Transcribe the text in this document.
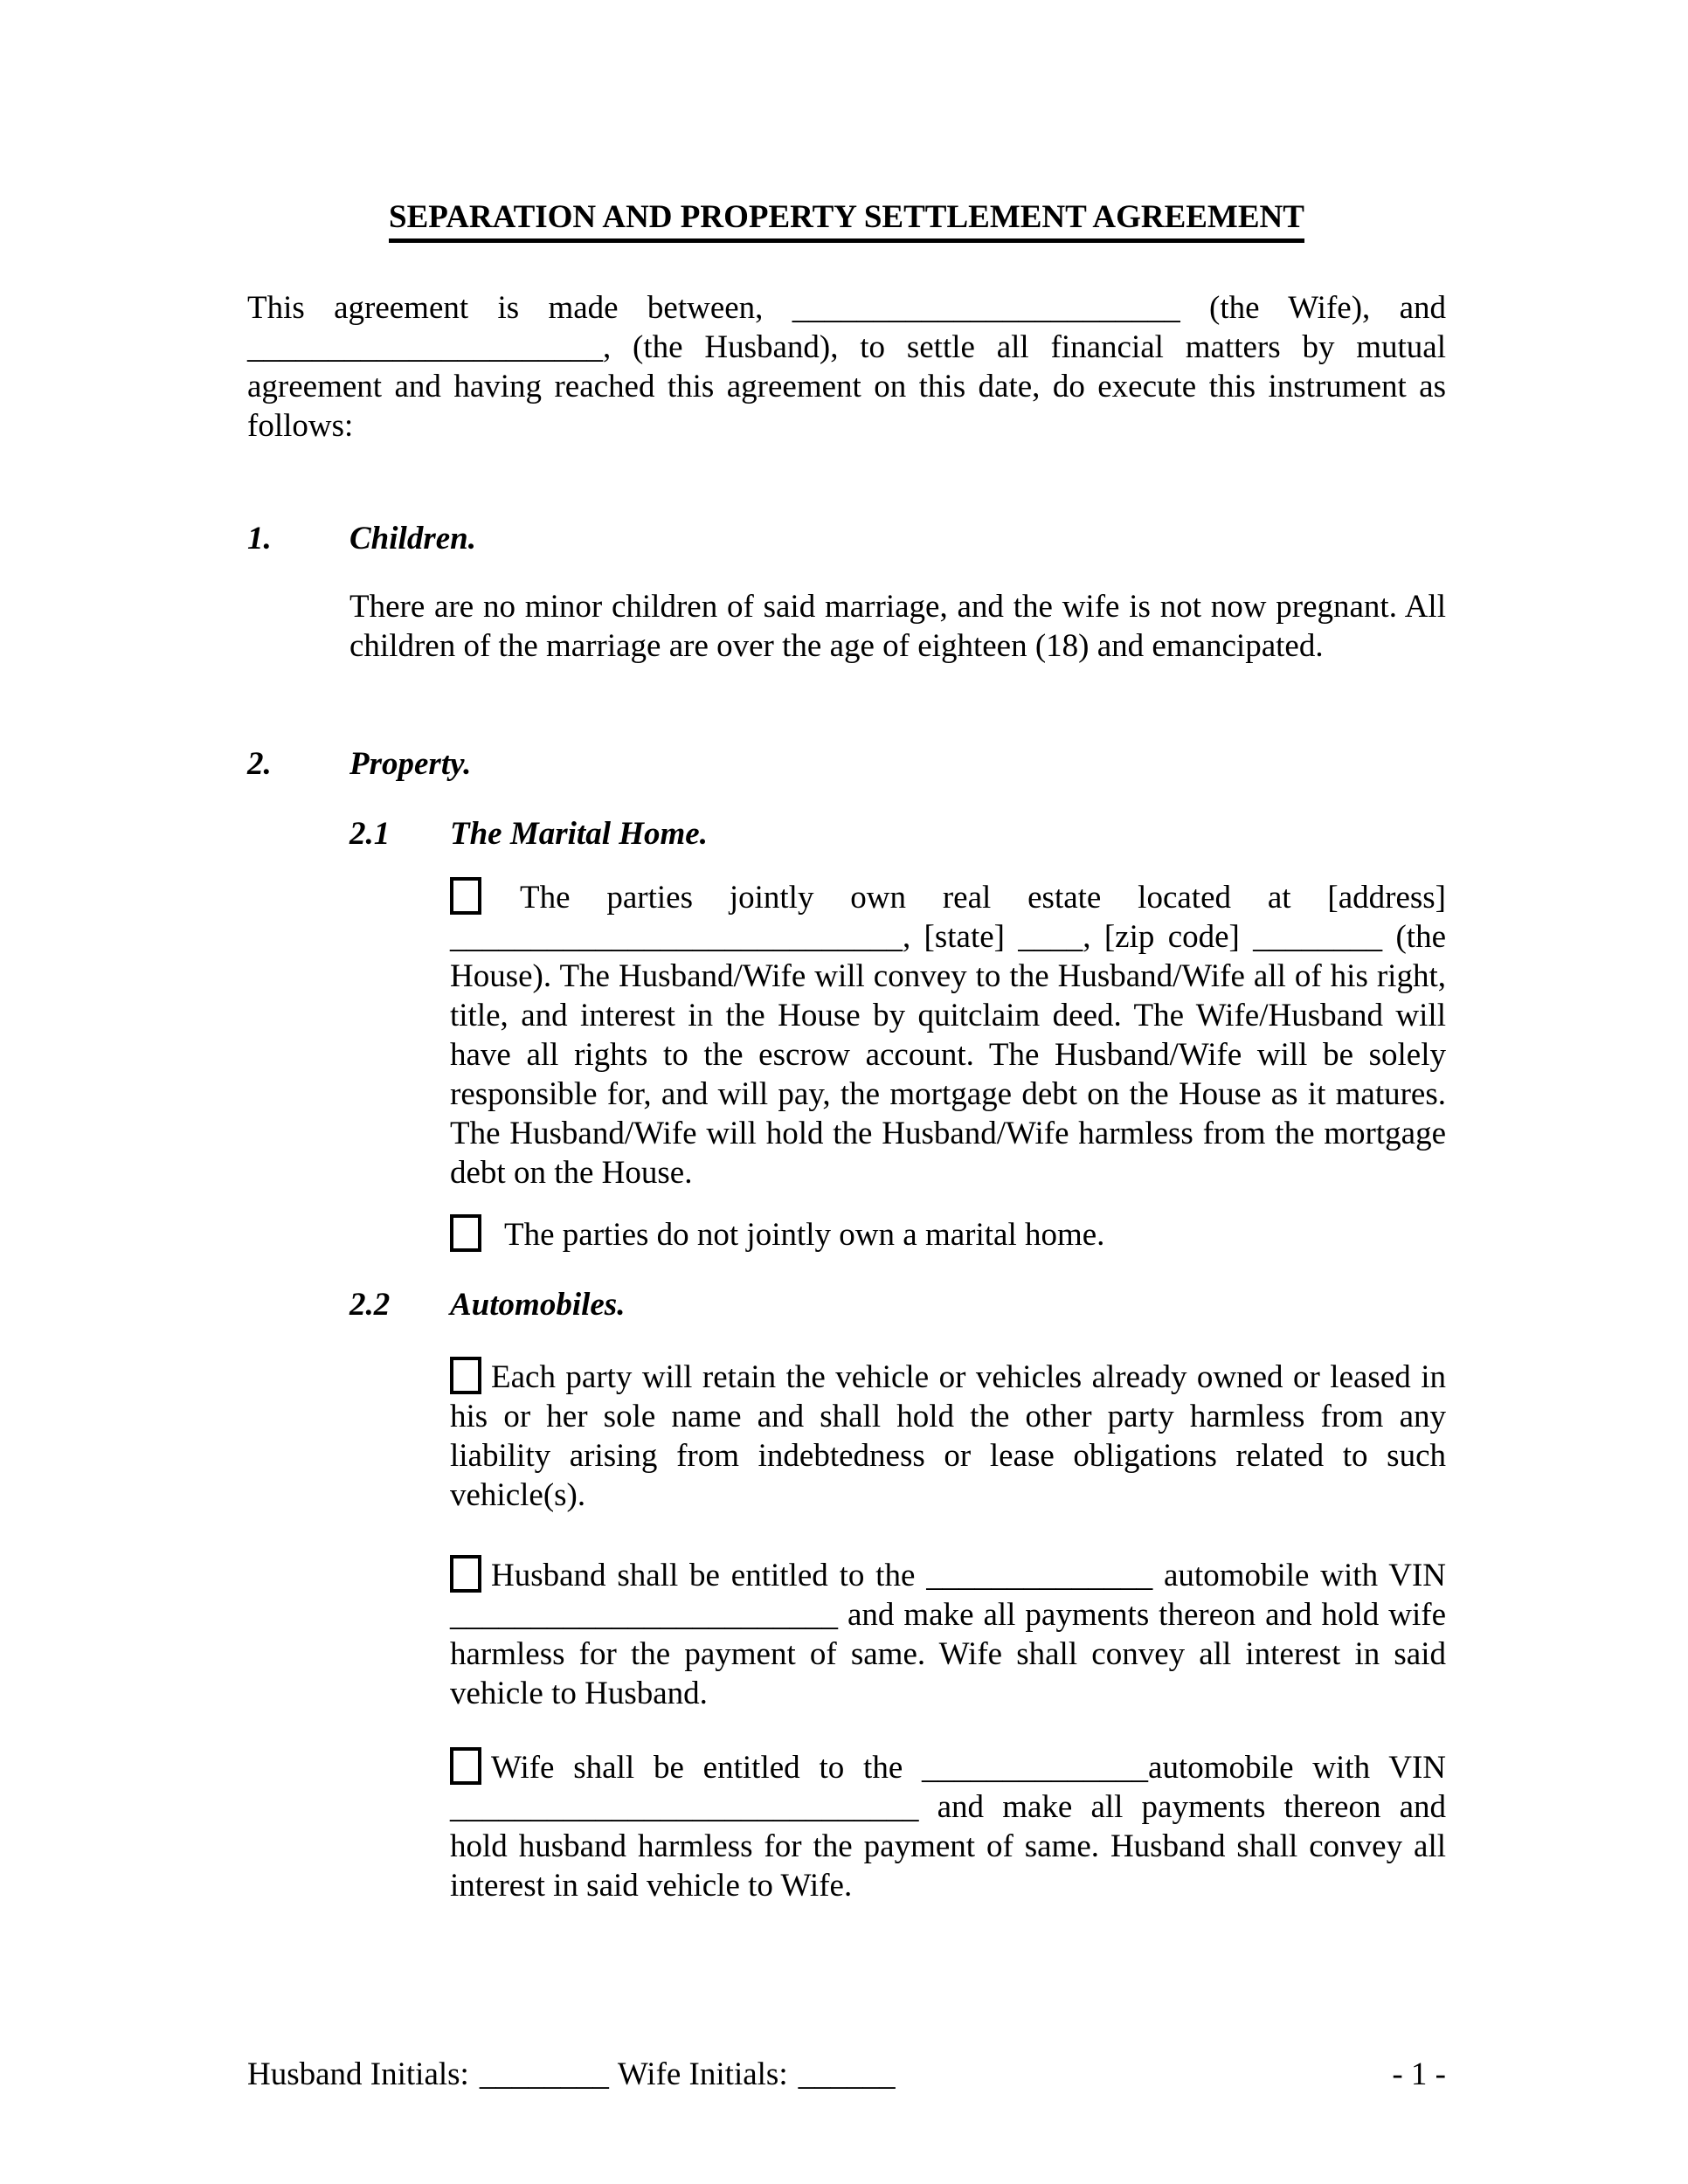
SEPARATION AND PROPERTY SETTLEMENT AGREEMENT

This agreement is made between, ________________________ (the Wife), and ______________________, (the Husband), to settle all financial matters by mutual agreement and having reached this agreement on this date, do execute this instrument as follows:

1.	Children.

There are no minor children of said marriage, and the wife is not now pregnant. All children of the marriage are over the age of eighteen (18) and emancipated.

2.	Property.
2.1	The Marital Home.

The parties jointly own real estate located at [address] ____________________________, [state] ____, [zip code] ________ (the House). The Husband/Wife will convey to the Husband/Wife all of his right, title, and interest in the House by quitclaim deed. The Wife/Husband will have all rights to the escrow account. The Husband/Wife will be solely responsible for, and will pay, the mortgage debt on the House as it matures. The Husband/Wife will hold the Husband/Wife harmless from the mortgage debt on the House.

The parties do not jointly own a marital home.

2.2	Automobiles.

Each party will retain the vehicle or vehicles already owned or leased in his or her sole name and shall hold the other party harmless from any liability arising from indebtedness or lease obligations related to such vehicle(s).

Husband shall be entitled to the ______________ automobile with VIN ________________________ and make all payments thereon and hold wife harmless for the payment of same. Wife shall convey all interest in said vehicle to Husband.

Wife shall be entitled to the ______________automobile with VIN _____________________________ and make all payments thereon and hold husband harmless for the payment of same. Husband shall convey all interest in said vehicle to Wife.

Husband Initials: ________ Wife Initials: ______	- 1 -
